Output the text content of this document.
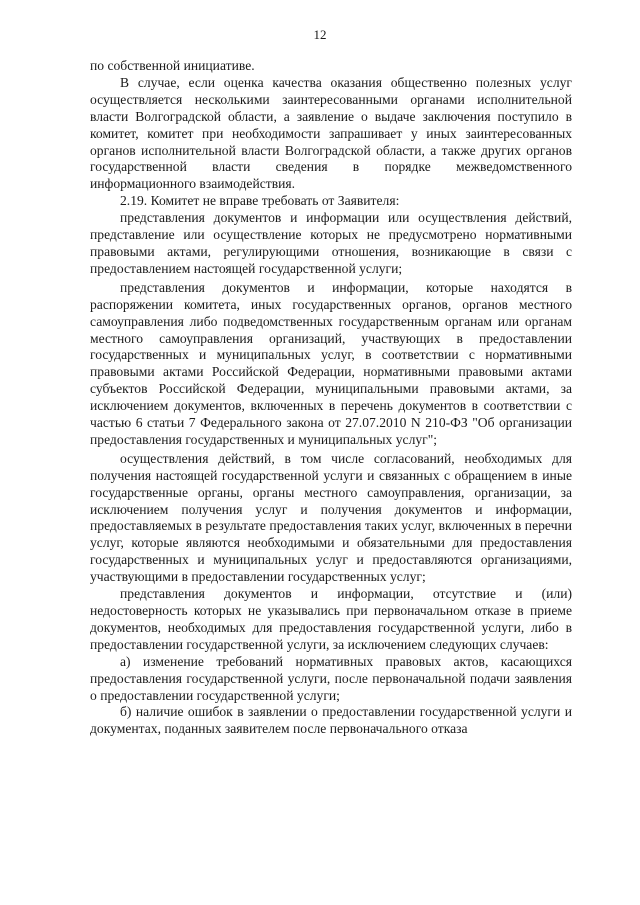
12

по собственной инициативе.

В случае, если оценка качества оказания общественно полезных услуг осуществляется несколькими заинтересованными органами исполнительной власти Волгоградской области, а заявление о выдаче заключения поступило в комитет, комитет при необходимости запрашивает у иных заинтересованных органов исполнительной власти Волгоградской области, а также других органов государственной власти сведения в порядке межведомственного информационного взаимодействия.

2.19. Комитет не вправе требовать от Заявителя:

представления документов и информации или осуществления действий, представление или осуществление которых не предусмотрено нормативными правовыми актами, регулирующими отношения, возникающие в связи с предоставлением настоящей государственной услуги;

представления документов и информации, которые находятся в распоряжении комитета, иных государственных органов, органов местного самоуправления либо подведомственных государственным органам или органам местного самоуправления организаций, участвующих в предоставлении государственных и муниципальных услуг, в соответствии с нормативными правовыми актами Российской Федерации, нормативными правовыми актами субъектов Российской Федерации, муниципальными правовыми актами, за исключением документов, включенных в перечень документов в соответствии с частью 6 статьи 7 Федерального закона от 27.07.2010 N 210-ФЗ "Об организации предоставления государственных и муниципальных услуг";

осуществления действий, в том числе согласований, необходимых для получения настоящей государственной услуги и связанных с обращением в иные государственные органы, органы местного самоуправления, организации, за исключением получения услуг и получения документов и информации, предоставляемых в результате предоставления таких услуг, включенных в перечни услуг, которые являются необходимыми и обязательными для предоставления государственных и муниципальных услуг и предоставляются организациями, участвующими в предоставлении государственных услуг;

представления документов и информации, отсутствие и (или) недостоверность которых не указывались при первоначальном отказе в приеме документов, необходимых для предоставления государственной услуги, либо в предоставлении государственной услуги, за исключением следующих случаев:

а) изменение требований нормативных правовых актов, касающихся предоставления государственной услуги, после первоначальной подачи заявления о предоставлении государственной услуги;

б) наличие ошибок в заявлении о предоставлении государственной услуги и документах, поданных заявителем после первоначального отказа
